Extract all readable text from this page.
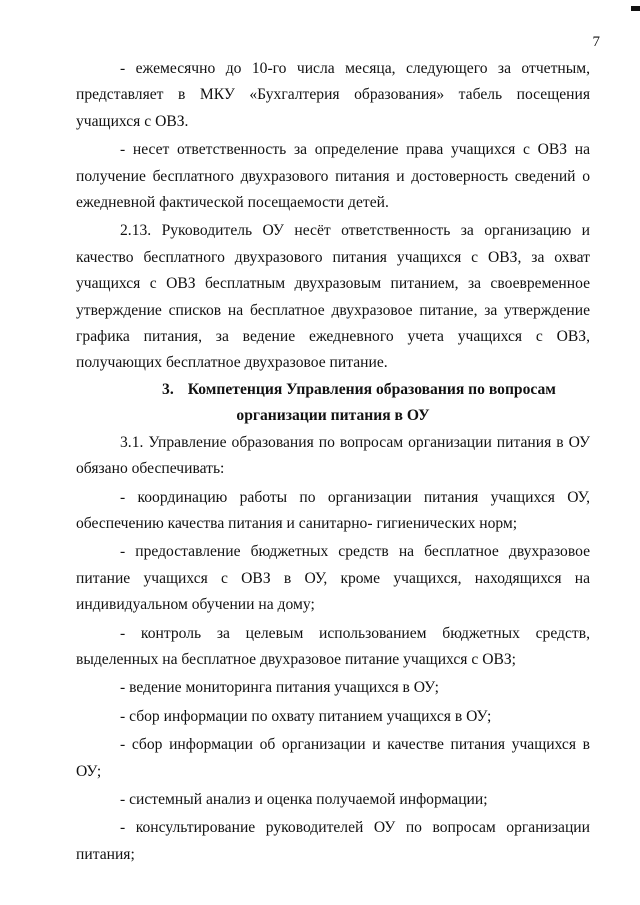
7

- ежемесячно до 10-го числа месяца, следующего за отчетным, представляет в МКУ «Бухгалтерия образования» табель посещения учащихся с ОВЗ.

- несет ответственность за определение права учащихся с ОВЗ на получение бесплатного двухразового питания и достоверность сведений о ежедневной фактической посещаемости детей.

2.13. Руководитель ОУ несёт ответственность за организацию и качество бесплатного двухразового питания учащихся с ОВЗ, за охват учащихся с ОВЗ бесплатным двухразовым питанием, за своевременное утверждение списков на бесплатное двухразовое питание, за утверждение графика питания, за ведение ежедневного учета учащихся с ОВЗ, получающих бесплатное двухразовое питание.

3. Компетенция Управления образования по вопросам

организации питания в ОУ

3.1. Управление образования по вопросам организации питания в ОУ обязано обеспечивать:

- координацию работы по организации питания учащихся ОУ, обеспечению качества питания и санитарно- гигиенических норм;

- предоставление бюджетных средств на бесплатное двухразовое питание учащихся с ОВЗ в ОУ, кроме учащихся, находящихся на индивидуальном обучении на дому;

- контроль за целевым использованием бюджетных средств, выделенных на бесплатное двухразовое питание учащихся с ОВЗ;

- ведение мониторинга питания учащихся в ОУ;

- сбор информации по охвату питанием учащихся в ОУ;

- сбор информации об организации и качестве питания учащихся в ОУ;

- системный анализ и оценка получаемой информации;

- консультирование руководителей ОУ по вопросам организации питания;
